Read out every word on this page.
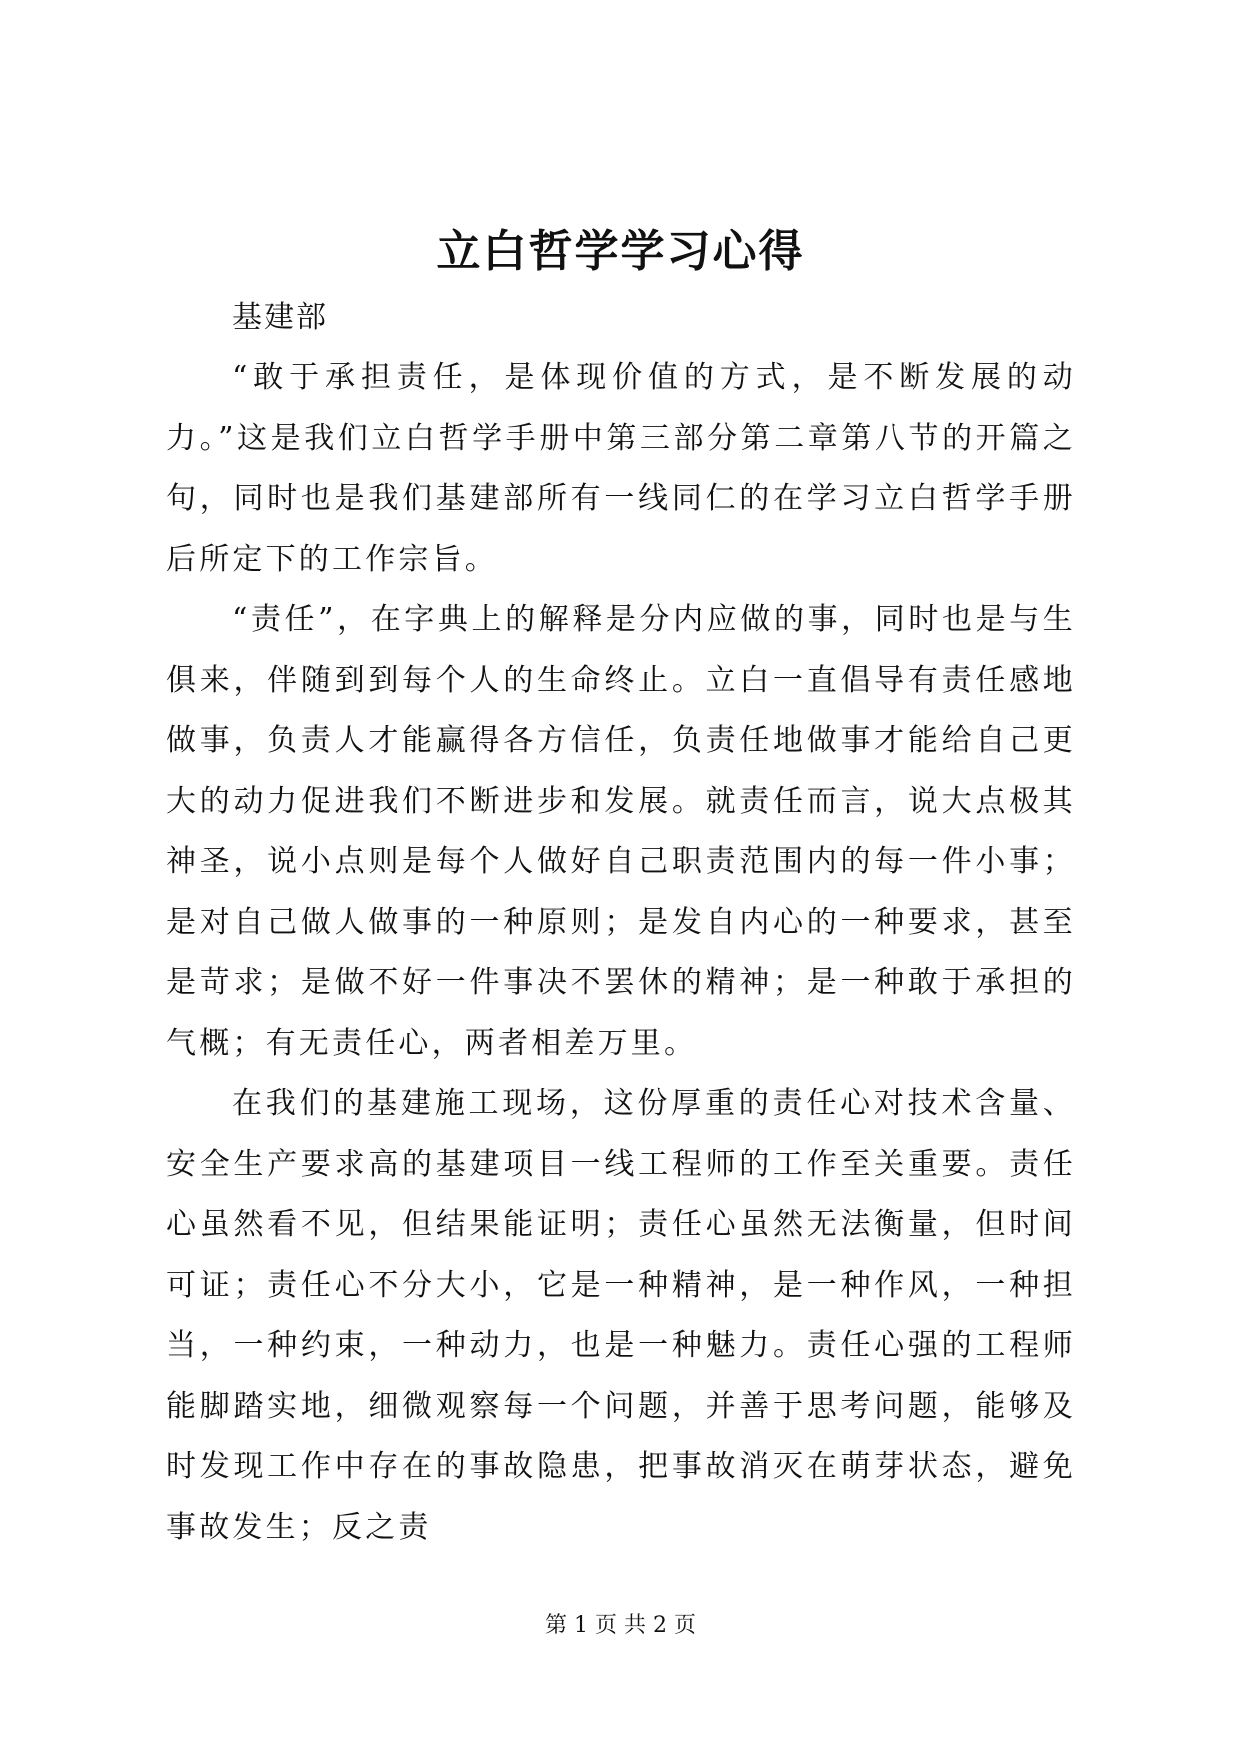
立白哲学学习心得
基建部

“敢于承担责任，是体现价值的方式，是不断发展的动力。”这是我们立白哲学手册中第三部分第二章第八节的开篇之句，同时也是我们基建部所有一线同仁的在学习立白哲学手册后所定下的工作宗旨。

“责任”，在字典上的解释是分内应做的事，同时也是与生俱来，伴随到到每个人的生命终止。立白一直倡导有责任感地做事，负责人才能赢得各方信任，负责任地做事才能给自己更大的动力促进我们不断进步和发展。就责任而言，说大点极其神圣，说小点则是每个人做好自己职责范围内的每一件小事；是对自己做人做事的一种原则；是发自内心的一种要求，甚至是苛求；是做不好一件事决不罢休的精神；是一种敢于承担的气概；有无责任心，两者相差万里。

在我们的基建施工现场，这份厚重的责任心对技术含量、安全生产要求高的基建项目一线工程师的工作至关重要。责任心虽然看不见，但结果能证明；责任心虽然无法衡量，但时间可证；责任心不分大小，它是一种精神，是一种作风，一种担当，一种约束，一种动力，也是一种魅力。责任心强的工程师能脚踏实地，细微观察每一个问题，并善于思考问题，能够及时发现工作中存在的事故隐患，把事故消灭在萌芽状态，避免事故发生；反之责

第 1 页 共 2 页
